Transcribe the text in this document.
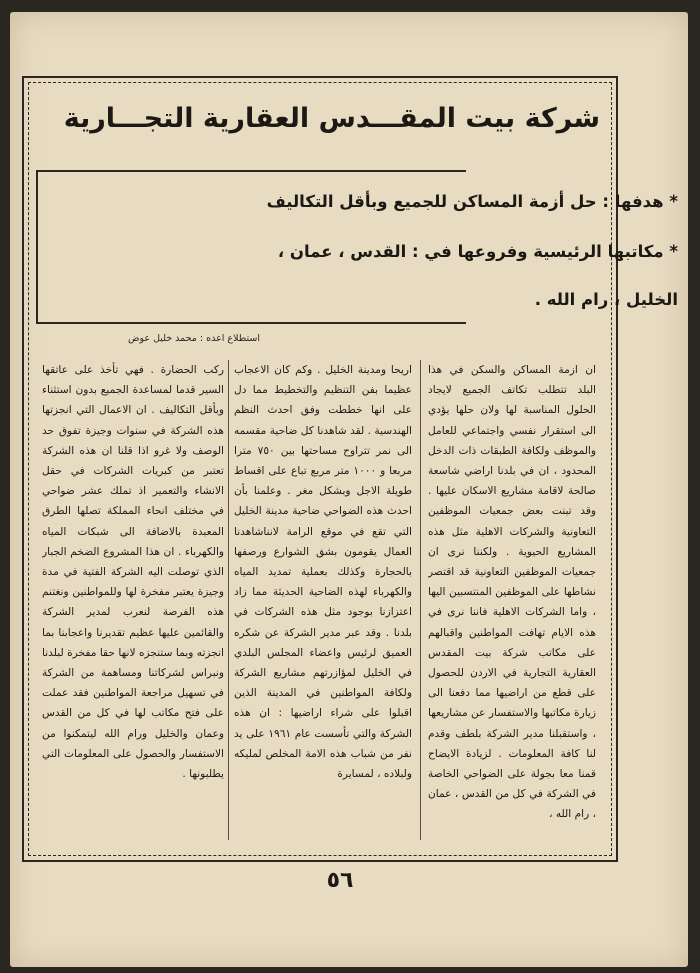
شركة بيت المقـــدس العقارية التجـــارية
* هدفها : حل أزمة المساكن للجميع وبأقل التكاليف
* مكاتبها الرئيسية وفروعها في : القدس ، عمان ،
الخليل ، رام الله .
استطلاع اعده : محمد خليل عوض
ان ازمة المساكن والسكن في هذا البلد تتطلب تكاتف الجميع لايجاد الحلول المناسبة لها ولان حلها يؤدي الى استقرار نفسي واجتماعي للعامل والموظف ولكافة الطبقات ذات الدخل المحدود ، ان في بلدنا اراضي شاسعة صالحة لاقامة مشاريع الاسكان عليها . وقد تبنت بعض جمعيات الموظفين التعاونية والشركات الاهلية مثل هذه المشاريع الحيوية . ولكننا نرى ان جمعيات الموظفين التعاونية قد اقتصر نشاطها على الموظفين المنتسبين اليها ، واما الشركات الاهلية فاننا نرى في هذه الايام تهافت المواطنين واقبالهم على مكاتب شركة بيت المقدس العقارية التجارية في الاردن للحصول على قطع من اراضيها مما دفعنا الى زيارة مكاتبها والاستفسار عن مشاريعها ، واستقبلنا مدير الشركة بلطف وقدم لنا كافة المعلومات . لزيادة الايضاح قمنا معا بجولة على الضواحي الخاصة في الشركة في كل من القدس ، عمان ، رام الله ،
اريحا ومدينة الخليل . وكم كان الاعجاب عظيما بفن التنظيم والتخطيط مما دل على انها خططت وفق احدث النظم الهندسية . لقد شاهدنا كل ضاحية مقسمه الى نمر تتراوح مساحتها بين ٧٥٠ مترا مربعا و ١٠٠٠ متر مربع تباع على اقساط طويلة الاجل وبشكل مغر . وعلمنا بأن احدث هذه الضواحي ضاحية مدينة الخليل التي تقع في موقع الرامة لانناشاهدنا العمال يقومون بشق الشوارع ورصفها بالحجارة وكذلك بعملية تمديد المياه والكهرباء لهذه الضاحية الحديثة مما زاد اعتزازنا بوجود مثل هذه الشركات في بلدنا . وقد عبر مدير الشركة عن شكره العميق لرئيس واعضاء المجلس البلدي في الخليل لمؤازرتهم مشاريع الشركة ولكافة المواطنين في المدينة الذين اقبلوا على شراء اراضيها : ان هذه الشركة والتي تأسست عام ١٩٦١ على يد نفر من شباب هذه الامة المخلص لمليكه ولبلاده ، لمسايرة
ركب الحضارة . فهي تأخذ على عاتقها السير قدما لمساعدة الجميع بدون استثناء وبأقل التكاليف . ان الاعمال التي انجزتها هذه الشركة في سنوات وجيزة تفوق حد الوصف ولا غرو اذا قلنا ان هذه الشركة تعتبر من كبريات الشركات في حقل الانشاء والتعمير اذ تملك عشر ضواحي في مختلف انحاء المملكة تصلها الطرق المعبدة بالاضافة الى شبكات المياه والكهرباء . ان هذا المشروع الضخم الجبار الذي توصلت اليه الشركة الفتية في مدة وجيزة يعتبر مفخرة لها وللمواطنين ونغتنم هذه الفرصة لنعرب لمدير الشركة والقائمين عليها عظيم تقديرنا واعجابنا بما انجزته وبما ستنجزه لانها حقا مفخرة لبلدنا ونبراس لشركاتنا ومساهمة من الشركة في تسهيل مراجعة المواطنين فقد عملت على فتح مكاتب لها في كل من القدس وعمان والخليل ورام الله ليتمكنوا من الاستفسار والحصول على المعلومات التي يطلبونها .
٥٦
